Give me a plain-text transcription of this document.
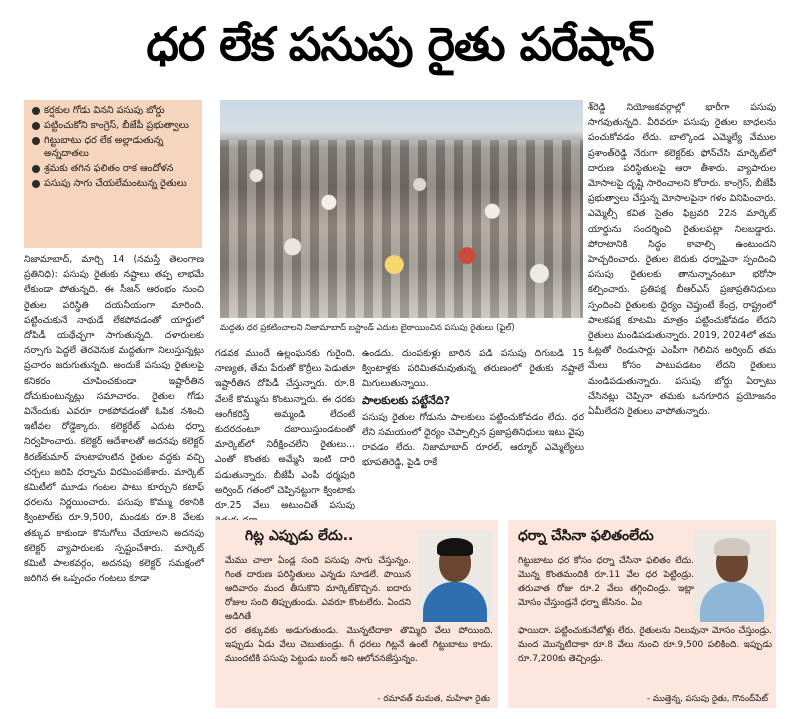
ధర లేక పసుపు రైతు పరేషాన్
కర్షకుల గోడు వినని పసుపు బోర్డు
పట్టించుకోని కాంగ్రెస్, బీజేపీ ప్రభుత్వాలు
గిట్టుబాటు ధర లేక అల్లాడుతున్న అన్నదాతలు
శ్రమకు తగిన ఫలితం రాక ఆందోళన
పసుపు సాగు చేయలేమంటున్న రైతులు
మద్దతు ధర ప్రకటించాలని నిజామాబాద్ బస్టాండ్ ఎదుట బైఠాయించిన పసుపు రైతులు (ఫైల్)

నిజామాబాద్, మార్చి 14 (నమస్తే తెలంగాణ ప్రతినిధి): పసుపు రైతుకు నష్టాలు తప్ప లాభమే లేకుండా పోతున్నది. ఈ సీజన్ ఆరంభం నుంచి రైతుల పరిస్థితి దయనీయంగా మారింది. పట్టించుకునే నాథుడే లేకపోవడంతో యార్డులో దోపిడీ యథేచ్ఛగా సాగుతున్నది. దళారులకు నర్సాగు పెద్దలే తెరవెనుక మద్దతుగా నిలుస్తున్నట్లు ప్రచారం జరుగుతున్నది. అందుకే పసుపు రైతులపై కనికరం చూపించకుండా ఇష్టారీతిన దోచుకుంటున్నట్లు సమాచారం. రైతుల గోడు వినేందుకు ఎవరూ రాకపోవడంతో ఓపిక నశించి ఇటీవల రోడ్డెక్కారు. కలెక్టరేట్ ఎదుట ధర్నా నిర్వహించారు. కలెక్టర్ ఆదేశాలతో అదనపు కలెక్టర్ కిరణ్‌కుమార్ హుటాహుటిన రైతుల వద్దకు వచ్చి చర్చలు జరిపి ధర్నాను విరమింపజేశారు. మార్కెట్ కమిటీలో మూడు గంటల పాటు కూర్చుని కటాఫ్ ధరలను నిర్ణయించారు. పసుపు కొమ్ము రకానికి క్వింటాల్‌కు రూ.9,500, మండకు రూ.8 వేలకు తక్కువ కాకుండా కొనుగోలు చేయాలని అదనపు కలెక్టర్ వ్యాపారులకు స్పష్టంచేశారు. మార్కెట్ కమిటీ పాలకవర్గం, అదనపు కలెక్టర్ సమక్షంలో జరిగిన ఈ ఒప్పందం గంటలు కూడా

గడవక ముందే ఉల్లంఘనకు గురైంది. నాణ్యత, తేమ పేరుతో కొర్రీలు పెడుతూ ఇష్టారీతిన దోపిడీ చేస్తున్నారు. రూ.8 వేలకే కొమ్మును కొంటున్నారు. ఈ ధరకు ఆంగీకరిస్తే అమ్మండి లేదంటే కుదరదంటూ దబాయిస్తుండటంతో మార్కెట్‌లో నిరీక్షించలేని రైతులు... ఎంతో కొంతకు అమ్మేసి ఇంటి దారి పడుతున్నారు. బీజేపీ ఎంపీ ధర్మపురి అర్వింద్ గతంలో చెప్పినట్టుగా క్వింటాకు రూ.25 వేలు అటుంచితే పసుపు

ఉండదు. దుంపకుళ్లు బారిన పడి పసుపు దిగుబడి 15 క్వింటాళ్లకు పరిమితమవుతున్న తరుణంలో రైతుకు నష్టాలే మిగులుతున్నాయి.

పాలకులకు పట్టేనేది?

పసుపు రైతుల గోడును పాలకులు పట్టించుకోవడం లేదు. ధర లేని సమయంలో ధైర్యం చెప్పాల్సిన ప్రజాప్రతినిధులు ఇటు వైపు రావడం లేదు. నిజామాబాద్ రూరల్, ఆర్మూర్ ఎమ్మెల్యేలు భూపతిరెడ్డి, పైడి రాకే

శ్‌రెడ్డి నియోజకవర్గాల్లో భారీగా పసుపు సాగవుతున్నది. వీరివరూ పసుపు రైతుల బాధలను పంచుకోవడం లేదు. బాల్కొండ ఎమ్మెల్యే వేముల ప్రశాంత్‌రెడ్డి నేరుగా కలెక్టర్‌కు ఫోన్‌చేసి మార్కెట్‌లో దారుణ పరిస్థితులపై ఆరా తీశారు. వ్యాపారుల మోసాలపై దృష్టి సారించాలని కోరారు. కాంగ్రెస్, బీజేపీ ప్రభుత్వాలు చేస్తున్న మోసాలపైనా గళం వినిపించారు. ఎమ్మెల్సీ కవిత సైతం ఫిబ్రవరి 22న మార్కెట్ యార్డును సందర్శించి రైతులపట్లా నిలబడ్డారు. పోరాటానికి సిద్ధం కావాల్సి ఉంటుందని హెచ్చరించారు. రైతుల బెరుకు ధర్నాపైనా స్పందించి పసుపు రైతులకు తానున్నానంటూ భరోసా కల్పించారు. ప్రతిపక్ష బీఆర్ఎస్ ప్రజాప్రతినిధులు స్పందించి రైతులకు ధైర్యం చెప్తుంటే కేంద్ర, రాష్ట్రంలో పాలకపక్ష కూటమి మాత్రం పట్టించుకోవడం లేదని రైతులు మండిపడుతున్నారు. 2019, 2024లో తమ ఓట్లతో రెండుసార్లు ఎంపీగా గెలిచిన అర్వింద్ తమ మేలు కోసం పాటుపడటం లేదని రైతులు మండిపడుతున్నారు. పసుపు బోర్డు ఏర్పాటు చేసినట్లు చెప్పినా తమకు ఒనగూరిన ప్రయోజనం ఏమీలేదని రైతులు వాపోతున్నారు.

గిట్ల ఎప్పుడు లేదు..
మేము చాలా ఏండ్ల సంది పసుపు సాగు చేస్తున్నం. గింత దారుణ పరిస్థితులు ఎన్నడు సూడలే. పొయిన ఆదివారం మంద తీసుకొని మార్కెట్‌కొచ్చిన. ఐదారు రోజుల సంది తిప్పుతుండు. ఎవరూ కొంటలేరు. ఏందని అడిగితే
ధర తక్కువకు అడుగుతుండు. మొన్నటిదాకా తొమ్మిది వేలు పోయింది. ఇప్పుడు ఏడు వేలు చెబుతుండ్రు. గీ ధరలు గిట్లనే ఉంటే గిట్టుబాటు కాదు. ముందటికి పసుపు పెట్టుడు బంద్ అని ఆలోచనజేస్తున్నం.
- రమావత్ మమత, మహిళా రైతు
ధర్నా చేసినా ఫలితంలేదు
గిట్టుబాటు ధర కోసం ధర్నా చేసినా ఫలితం లేదు. మొన్న కొంతమందికి రూ.11 వేల ధర పెట్టిండ్రు. తరువాత రోజు రూ.2 వేలు తగ్గించిండ్రు. ఇట్లా మోసం చేస్తుండ్రనే ధర్నా జేసినం. ఏం
ఫాయిదా. పట్టించుకునేటోళ్లు లేరు. రైతులను నిలువునా మోసం చేస్తుండ్రు. మంద మొన్నటిదాకా రూ.8 వేలు నుంచి రూ.9,500 పలికింది. ఇప్పుడు రూ.7,200కు తెచ్చిండ్రు.
- ముత్తెన్న, పసుపు రైతు, గొనంద్‌పేట్
